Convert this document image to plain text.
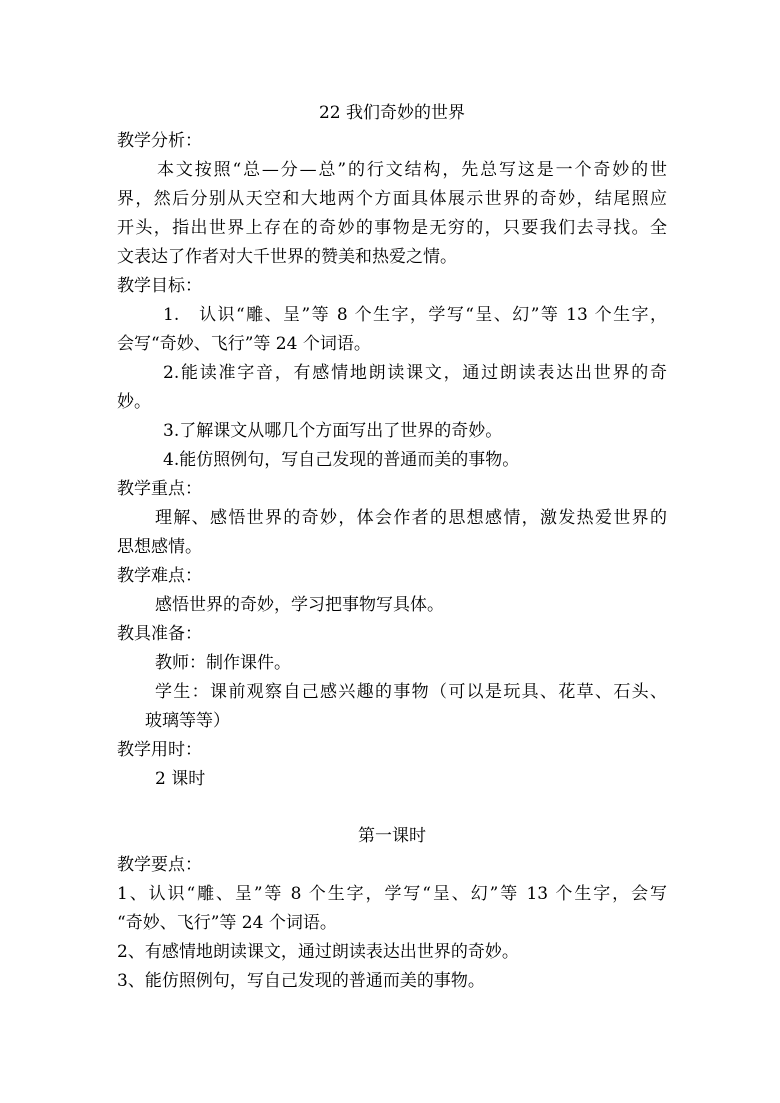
22 我们奇妙的世界
教学分析：
本文按照“总—分—总”的行文结构，先总写这是一个奇妙的世
界，然后分别从天空和大地两个方面具体展示世界的奇妙，结尾照应
开头，指出世界上存在的奇妙的事物是无穷的，只要我们去寻找。全
文表达了作者对大千世界的赞美和热爱之情。
教学目标：
1.　认识“雕、呈”等 8 个生字，学写“呈、幻”等 13 个生字，
会写“奇妙、飞行”等 24 个词语。
2.能读准字音，有感情地朗读课文，通过朗读表达出世界的奇
妙。
3.了解课文从哪几个方面写出了世界的奇妙。
4.能仿照例句，写自己发现的普通而美的事物。
教学重点：
理解、感悟世界的奇妙，体会作者的思想感情，激发热爱世界的
思想感情。
教学难点：
感悟世界的奇妙，学习把事物写具体。
教具准备：
教师：制作课件。
学生：课前观察自己感兴趣的事物（可以是玩具、花草、石头、
玻璃等等）
教学用时：
2 课时
第一课时
教学要点：
1、认识“雕、呈”等 8 个生字，学写“呈、幻”等 13 个生字，会写
“奇妙、飞行”等 24 个词语。
2、有感情地朗读课文，通过朗读表达出世界的奇妙。
3、能仿照例句，写自己发现的普通而美的事物。
